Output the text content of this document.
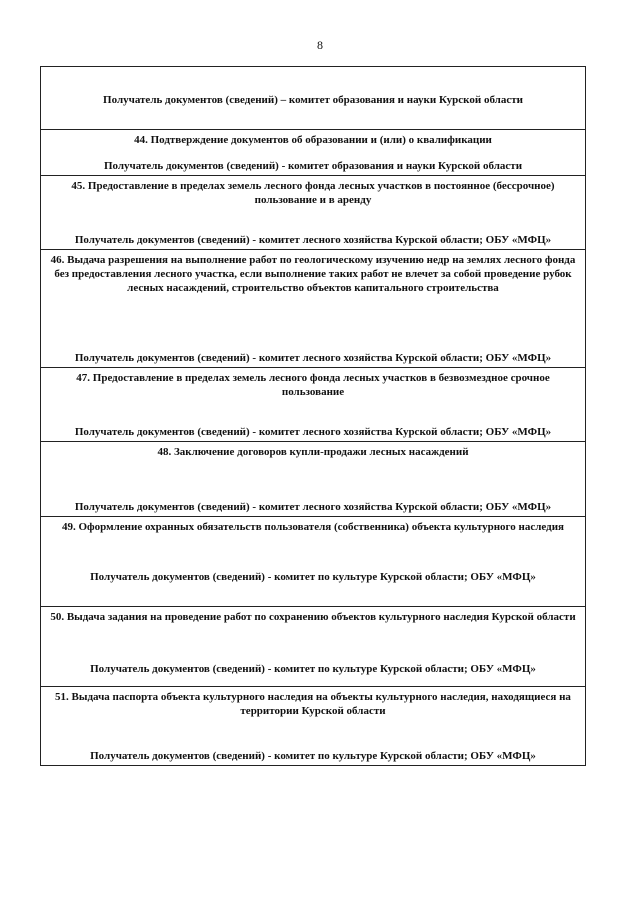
8
Получатель документов (сведений) – комитет образования и науки Курской области
44. Подтверждение документов об образовании и (или) о квалификации
Получатель документов (сведений) - комитет образования и науки Курской области
45. Предоставление в пределах земель лесного фонда лесных участков в постоянное (бессрочное) пользование и в аренду
Получатель документов (сведений) - комитет лесного хозяйства Курской области; ОБУ «МФЦ»
46. Выдача разрешения на выполнение работ по геологическому изучению недр на землях лесного фонда без предоставления лесного участка, если выполнение таких работ не влечет за собой проведение рубок лесных насаждений, строительство объектов капитального строительства
Получатель документов (сведений) - комитет лесного хозяйства Курской области; ОБУ «МФЦ»
47. Предоставление в пределах земель лесного фонда лесных участков в безвозмездное срочное пользование
Получатель документов (сведений) - комитет лесного хозяйства Курской области; ОБУ «МФЦ»
48. Заключение договоров купли-продажи лесных насаждений
Получатель документов (сведений) - комитет лесного хозяйства Курской области; ОБУ «МФЦ»
49. Оформление охранных обязательств пользователя (собственника) объекта культурного наследия
Получатель документов (сведений) - комитет по культуре Курской области; ОБУ «МФЦ»
50. Выдача задания на проведение работ по сохранению объектов культурного наследия Курской области
Получатель документов (сведений) - комитет по культуре Курской области; ОБУ «МФЦ»
51. Выдача паспорта объекта культурного наследия на объекты культурного наследия, находящиеся на территории Курской области
Получатель документов (сведений) - комитет по культуре Курской области; ОБУ «МФЦ»
